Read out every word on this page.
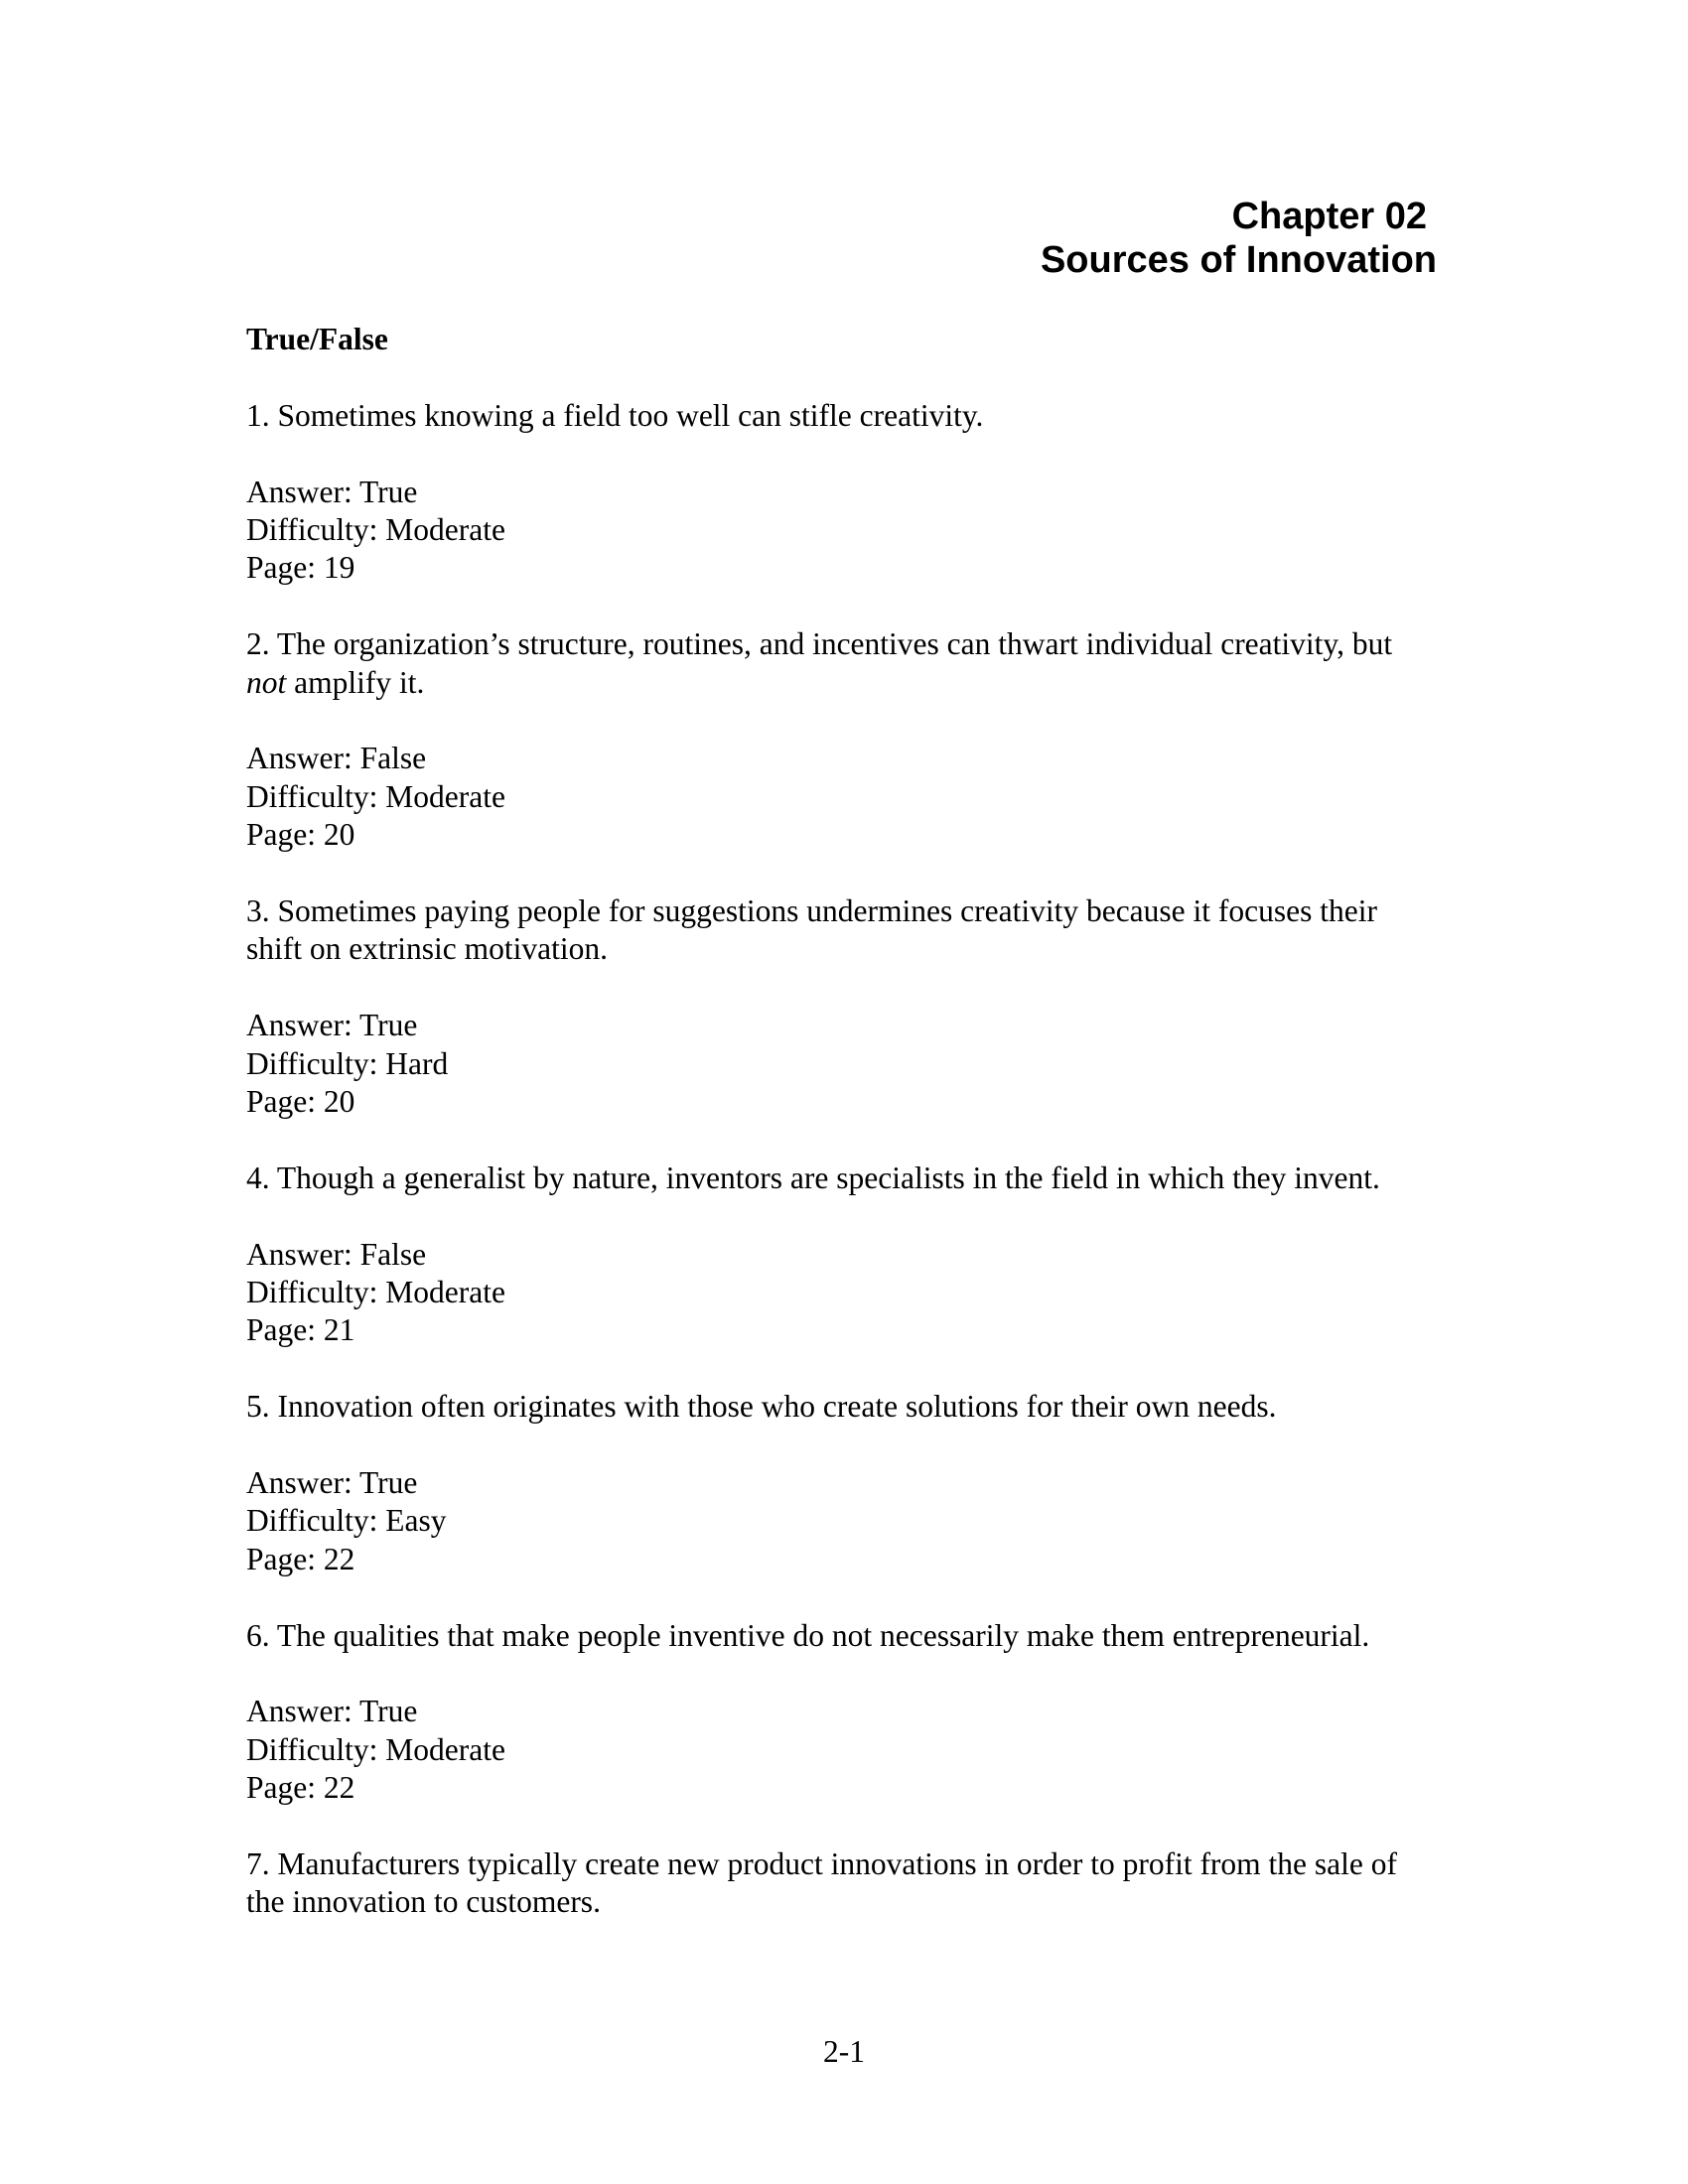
Chapter 02
Sources of Innovation
True/False
1. Sometimes knowing a field too well can stifle creativity.
Answer: True
Difficulty: Moderate
Page: 19
2. The organization’s structure, routines, and incentives can thwart individual creativity, but not amplify it.
Answer: False
Difficulty: Moderate
Page: 20
3. Sometimes paying people for suggestions undermines creativity because it focuses their shift on extrinsic motivation.
Answer: True
Difficulty: Hard
Page: 20
4. Though a generalist by nature, inventors are specialists in the field in which they invent.
Answer: False
Difficulty: Moderate
Page: 21
5. Innovation often originates with those who create solutions for their own needs.
Answer: True
Difficulty: Easy
Page: 22
6. The qualities that make people inventive do not necessarily make them entrepreneurial.
Answer: True
Difficulty: Moderate
Page: 22
7. Manufacturers typically create new product innovations in order to profit from the sale of the innovation to customers.
2-1
